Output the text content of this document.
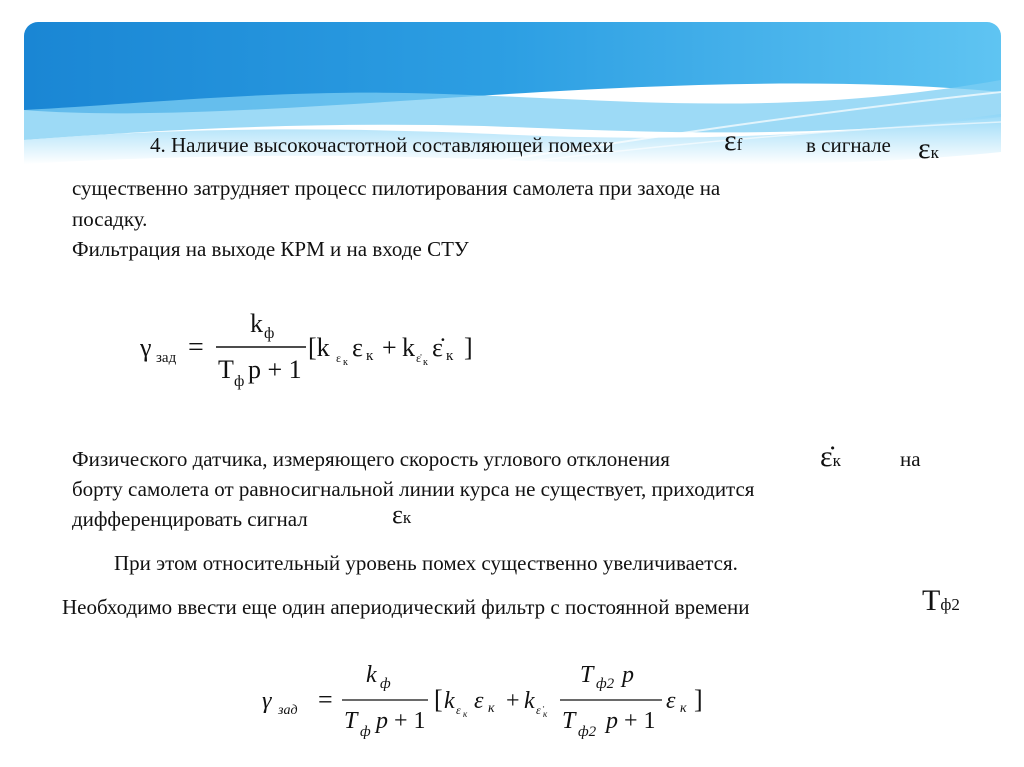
4. Наличие высокочастотной составляющей помехи	εf	в сигнале εк
существенно затрудняет процесс пилотирования самолета при заходе на
посадку.
Фильтрация на выходе КРМ и на входе СТУ
γ зад =
k ф
T ф p + 1
[k ε к
ε к + k ε̇ к
ε̇ к ]
Физического датчика, измеряющего скорость углового отклонения	ε̇к	на
борту самолета от равносигнальной линии курса не существует, приходится
дифференцировать сигнал	εк
При этом относительный уровень помех существенно увеличивается.
Необходимо ввести еще один апериодический фильтр с постоянной времени	Tф2
γ зад =
k ф
T ф p + 1
[ k ε к ε к + k ε̇ к
T ф2 p
T ф2 p + 1
ε к ]
